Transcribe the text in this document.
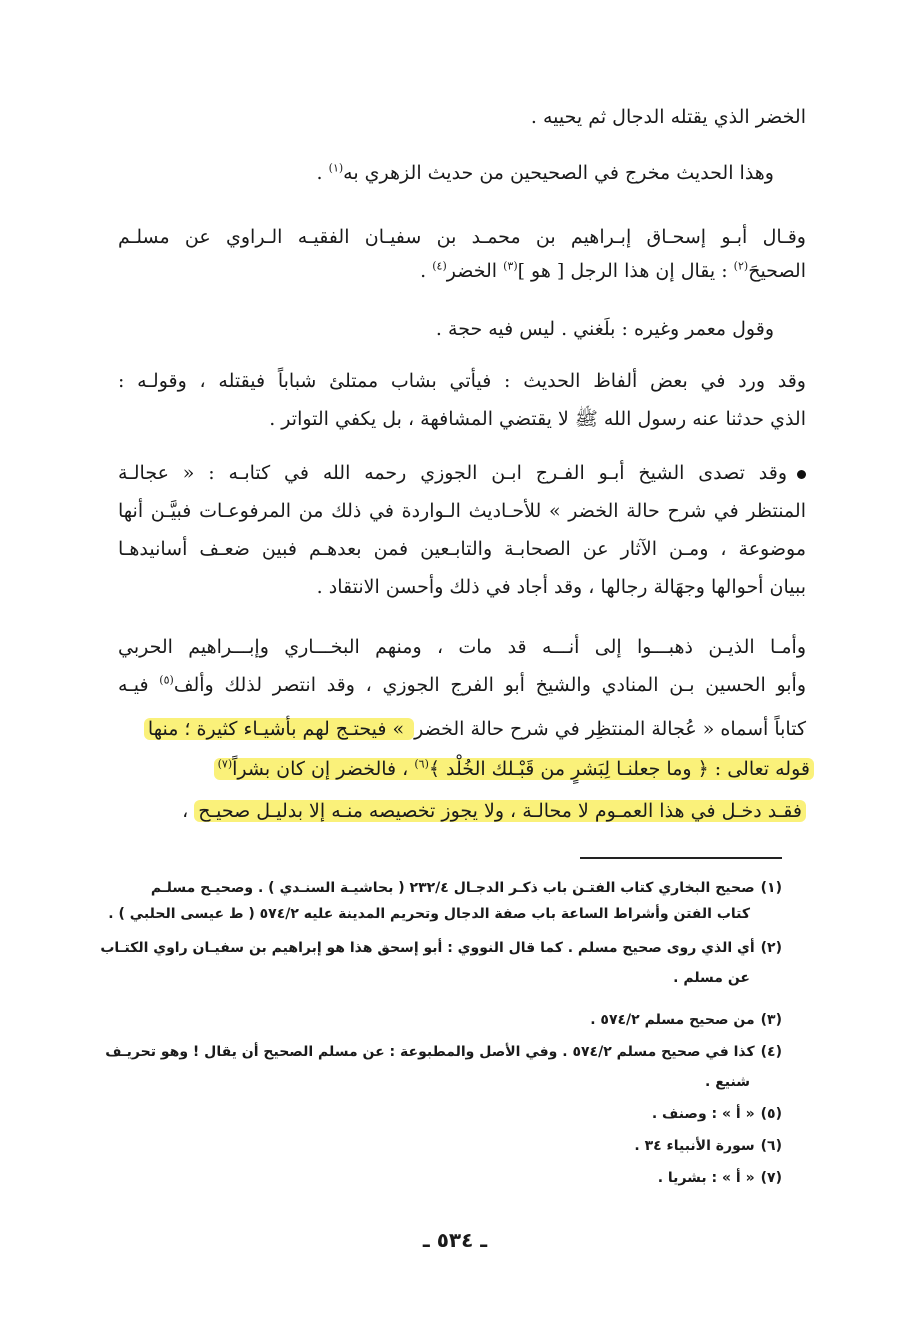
الخضر الذي يقتله الدجال ثم يحييه .
وهذا الحديث مخرج في الصحيحين من حديث الزهري به$^{(١)}$ .
وقـال أبـو إسحـاق إبـراهيم بن محمـد بن سفيـان الفقيـه الـراوي عن مسلـم
الصحيحَ$^{(٢)}$ : يقال إن هذا الرجل [ هو ]$^{(٣)}$ الخضر$^{(٤)}$ .
وقول معمر وغيره : بلَغني . ليس فيه حجة .
وقد ورد في بعض ألفاظ الحديث : فيأتي بشاب ممتلئ شباباً فيقتله ، وقولـه :
الذي حدثنا عنه رسول الله ﷺ لا يقتضي المشافهة ، بل يكفي التواتر .
وقد تصدى الشيخ أبـو الفـرج ابـن الجوزي رحمه الله في كتابـه : « عجالـة
المنتظر في شرح حالة الخضر » للأحـاديث الـواردة في ذلك من المرفوعـات فبيَّـن أنها
موضوعة ، ومـن الآثار عن الصحابـة والتابـعين فمن بعدهـم فبين ضعـف أسانيدهـا
ببيان أحوالها وجهَالة رجالها ، وقد أجاد في ذلك وأحسن الانتقاد .
وأمـا الذيـن ذهبـــوا إلى أنـــه قد مات ، ومنهم البخـــاري وإبـــراهيم الحربي
وأبو الحسين بـن المنادي والشيخ أبو الفرج الجوزي ، وقد انتصر لذلك وألف$^{(٥)}$ فيـه
كتاباً أسماه « عُجالة المنتظِر في شرح حالة الخضر » فيحتـج لهم بأشيـاء كثيرة ؛ منها
قوله تعالى : ﴿ وما جعلنـا لِبَشرٍ من قَبْـلك الخُلْد ﴾$^{(٦)}$ ، فالخضر إن كان بشراً$^{(٧)}$
فقـد دخـل في هذا العمـوم لا محالـة ، ولا يجوز تخصيصه منـه إلا بدليـل صحيـح ،
(١)صحيح البخاري كتاب الفتـن باب ذكـر الدجـال ٢٣٢/٤ ( بحاشيـة السنـدي ) . وصحيـح مسلـم
كتاب الفتن وأشراط الساعة باب صفة الدجال وتحريم المدينة عليه ٥٧٤/٢ ( ط عيسى الحلبي ) .
(٢)أي الذي روى صحيح مسلم . كما قال النووي : أبو إسحق هذا هو إبراهيم بن سفيـان راوي الكتـاب
عن مسلم .
(٣)من صحيح مسلم ٥٧٤/٢ .
(٤)كذا في صحيح مسلم ٥٧٤/٢ . وفي الأصل والمطبوعة : عن مسلم الصحيح أن يقال ! وهو تحريـف
شنيع .
(٥)« أ » : وصنف .
(٦)سورة الأنبياء ٣٤ .
(٧)« أ » : بشريا .
ـ ٥٣٤ ـ
